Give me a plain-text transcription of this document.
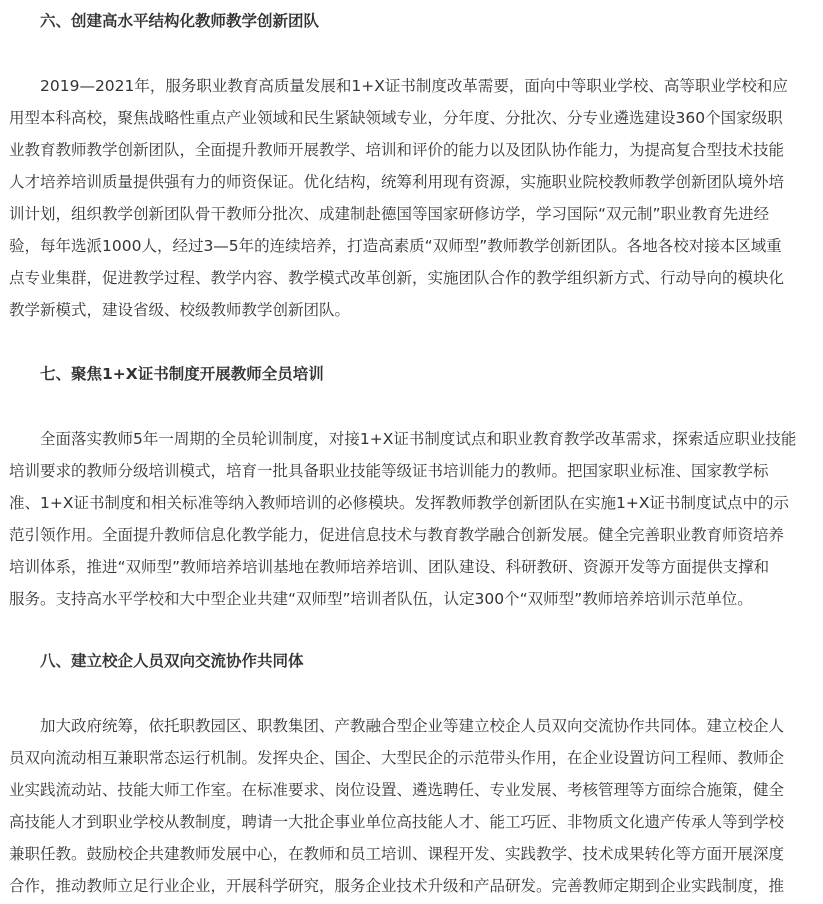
六、创建高水平结构化教师教学创新团队
2019—2021年，服务职业教育高质量发展和1+X证书制度改革需要，面向中等职业学校、高等职业学校和应
用型本科高校，聚焦战略性重点产业领域和民生紧缺领域专业，分年度、分批次、分专业遴选建设360个国家级职
业教育教师教学创新团队，全面提升教师开展教学、培训和评价的能力以及团队协作能力，为提高复合型技术技能
人才培养培训质量提供强有力的师资保证。优化结构，统筹利用现有资源，实施职业院校教师教学创新团队境外培
训计划，组织教学创新团队骨干教师分批次、成建制赴德国等国家研修访学，学习国际“双元制”职业教育先进经
验，每年选派1000人，经过3—5年的连续培养，打造高素质“双师型”教师教学创新团队。各地各校对接本区域重
点专业集群，促进教学过程、教学内容、教学模式改革创新，实施团队合作的教学组织新方式、行动导向的模块化
教学新模式，建设省级、校级教师教学创新团队。
七、聚焦1+X证书制度开展教师全员培训
全面落实教师5年一周期的全员轮训制度，对接1+X证书制度试点和职业教育教学改革需求，探索适应职业技能
培训要求的教师分级培训模式，培育一批具备职业技能等级证书培训能力的教师。把国家职业标准、国家教学标
准、1+X证书制度和相关标准等纳入教师培训的必修模块。发挥教师教学创新团队在实施1+X证书制度试点中的示
范引领作用。全面提升教师信息化教学能力，促进信息技术与教育教学融合创新发展。健全完善职业教育师资培养
培训体系，推进“双师型”教师培养培训基地在教师培养培训、团队建设、科研教研、资源开发等方面提供支撑和
服务。支持高水平学校和大中型企业共建“双师型”培训者队伍，认定300个“双师型”教师培养培训示范单位。
八、建立校企人员双向交流协作共同体
加大政府统筹，依托职教园区、职教集团、产教融合型企业等建立校企人员双向交流协作共同体。建立校企人
员双向流动相互兼职常态运行机制。发挥央企、国企、大型民企的示范带头作用，在企业设置访问工程师、教师企
业实践流动站、技能大师工作室。在标准要求、岗位设置、遴选聘任、专业发展、考核管理等方面综合施策，健全
高技能人才到职业学校从教制度，聘请一大批企事业单位高技能人才、能工巧匠、非物质文化遗产传承人等到学校
兼职任教。鼓励校企共建教师发展中心，在教师和员工培训、课程开发、实践教学、技术成果转化等方面开展深度
合作，推动教师立足行业企业，开展科学研究，服务企业技术升级和产品研发。完善教师定期到企业实践制度，推
